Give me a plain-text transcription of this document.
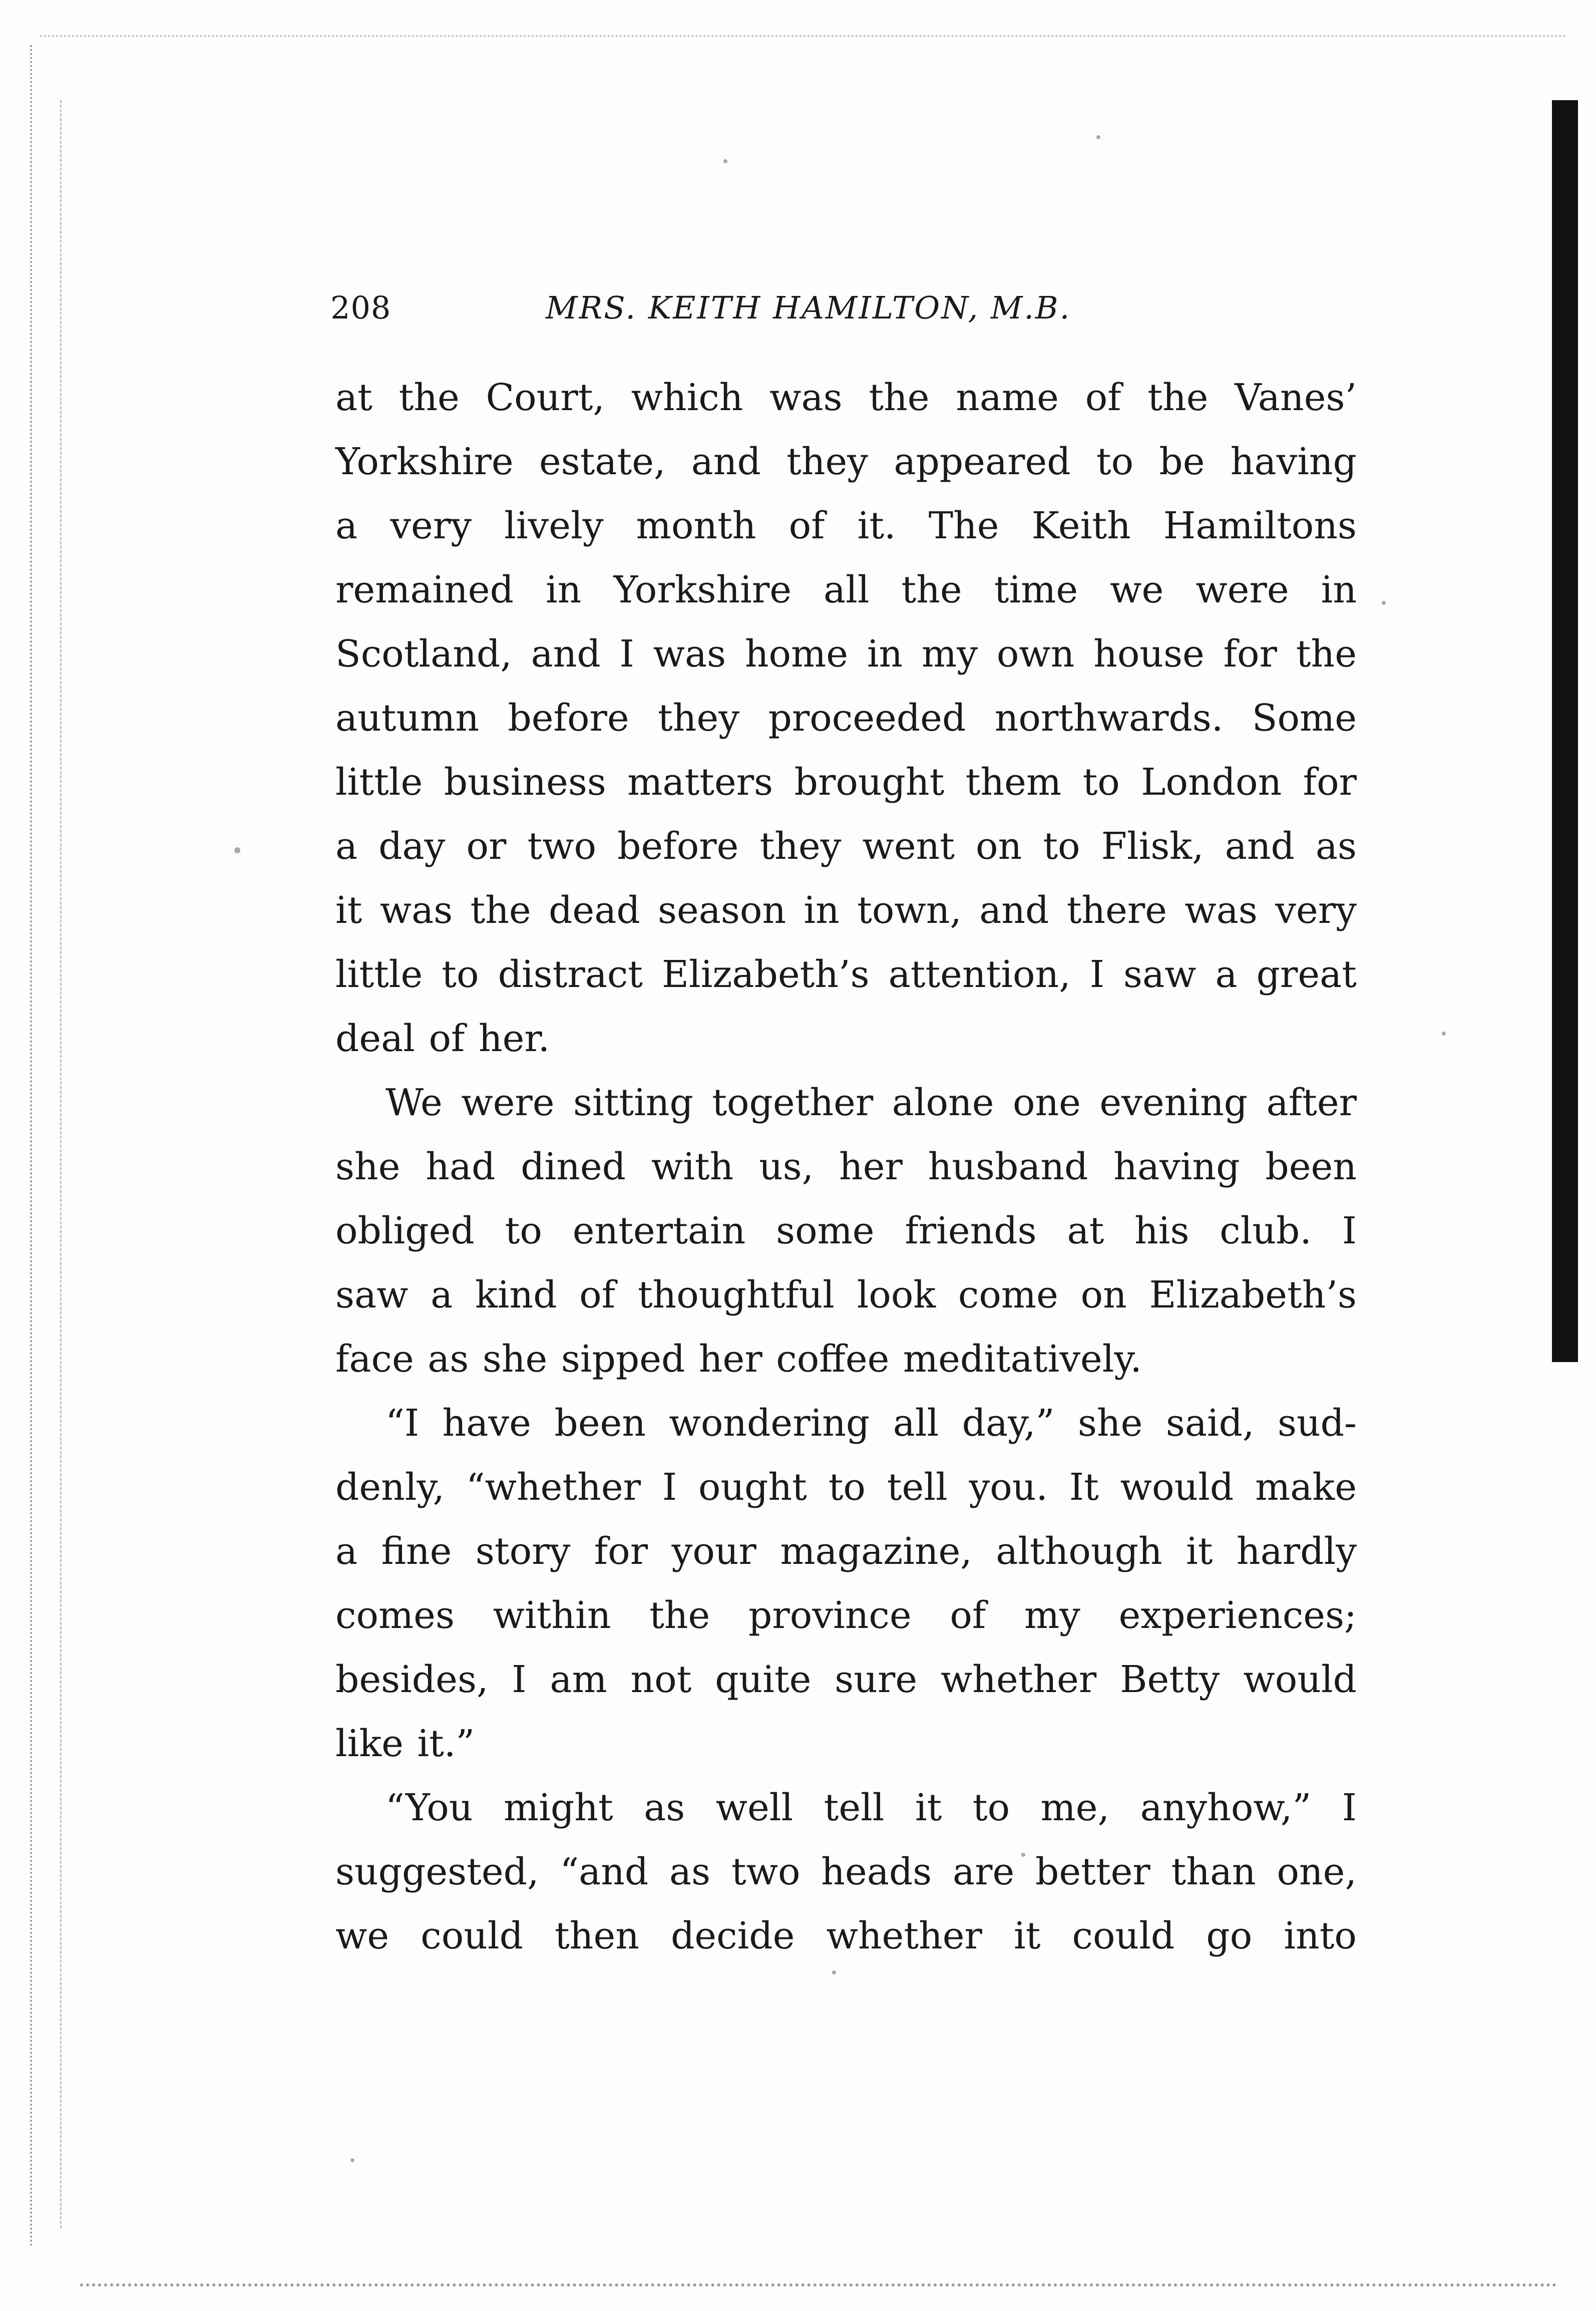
208	MRS. KEITH HAMILTON, M.B.
at the Court, which was the name of the Vanes’
Yorkshire estate, and they appeared to be having
a very lively month of it. The Keith Hamiltons
remained in Yorkshire all the time we were in
Scotland, and I was home in my own house for the
autumn before they proceeded northwards. Some
little business matters brought them to London for
a day or two before they went on to Flisk, and as
it was the dead season in town, and there was very
little to distract Elizabeth’s attention, I saw a great
deal of her.
We were sitting together alone one evening after
she had dined with us, her husband having been
obliged to entertain some friends at his club. I
saw a kind of thoughtful look come on Elizabeth’s
face as she sipped her coffee meditatively.
“I have been wondering all day,” she said, sud-
denly, “whether I ought to tell you. It would make
a fine story for your magazine, although it hardly
comes within the province of my experiences;
besides, I am not quite sure whether Betty would
like it.”
“You might as well tell it to me, anyhow,” I
suggested, “and as two heads are better than one,
we could then decide whether it could go into
